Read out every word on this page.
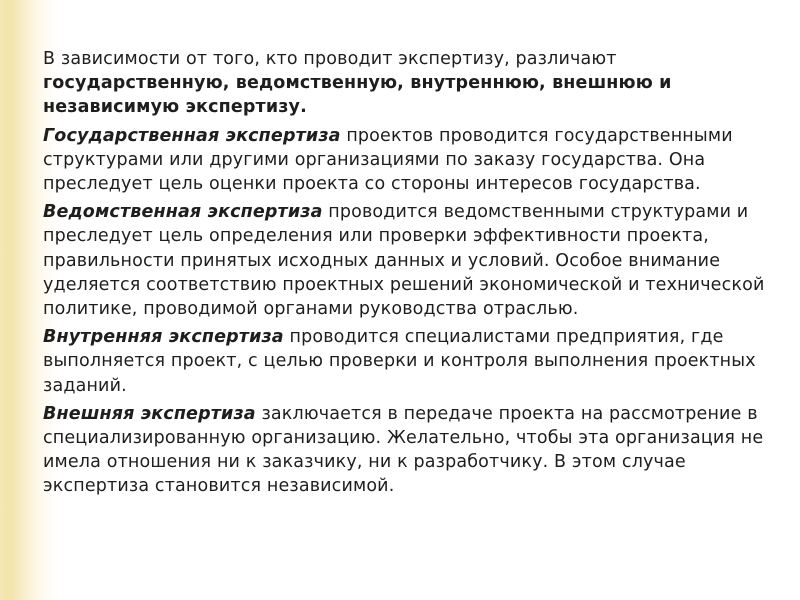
В зависимости от того, кто проводит экспертизу, различают государственную, ведомственную, внутреннюю, внешнюю и независимую экспертизу.

Государственная экспертиза проектов проводится государственными структурами или другими организациями по заказу государства. Она преследует цель оценки проекта со стороны интересов государства.

Ведомственная экспертиза проводится ведомственными структурами и преследует цель определения или проверки эффективности проекта, правильности принятых исходных данных и условий. Особое внимание уделяется соответствию проектных решений экономической и технической политике, проводимой органами руководства отраслью.

Внутренняя экспертиза проводится специалистами предприятия, где выполняется проект, с целью проверки и контроля выполнения проектных заданий.

Внешняя экспертиза заключается в передаче проекта на рассмотрение в специализированную организацию. Желательно, чтобы эта организация не имела отношения ни к заказчику, ни к разработчику. В этом случае экспертиза становится независимой.
